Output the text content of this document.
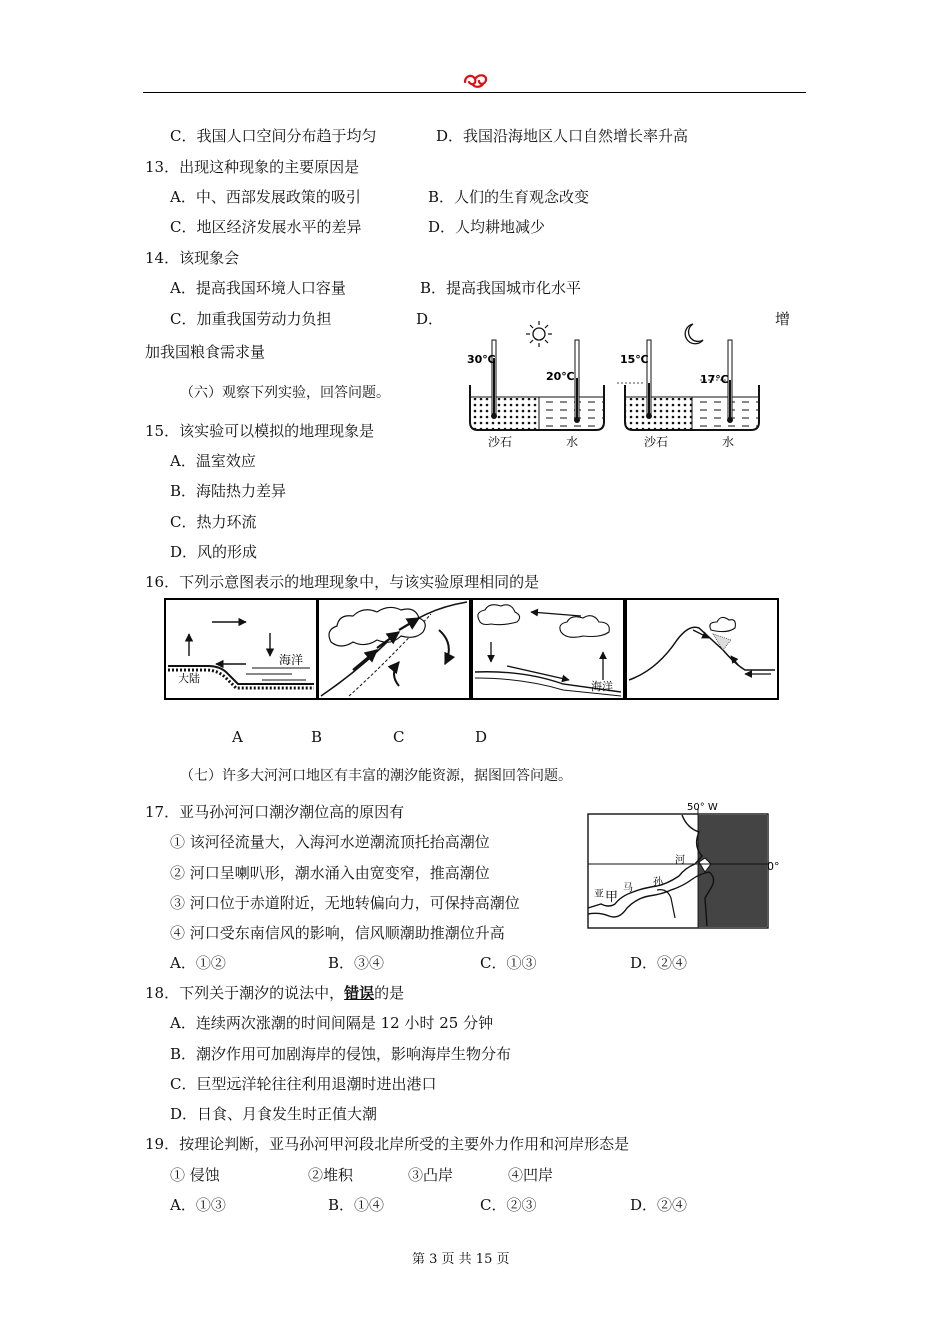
C．我国人口空间分布趋于均匀	D．我国沿海地区人口自然增长率升高
13．出现这种现象的主要原因是
A．中、西部发展政策的吸引	B．人们的生育观念改变
C．地区经济发展水平的差异	D．人均耕地减少
14．该现象会
A．提高我国环境人口容量	B．提高我国城市化水平
C．加重我国劳动力负担	D．	增
加我国粮食需求量
（六）观察下列实验，回答问题。
30℃
20℃
沙石	水
15℃
17℃
沙石	水
15．该实验可以模拟的地理现象是
A．温室效应
B．海陆热力差异
C．热力环流
D．风的形成
16．下列示意图表示的地理现象中，与该实验原理相同的是
海洋
大陆
海洋
A	B	C	D
（七）许多大河河口地区有丰富的潮汐能资源，据图回答问题。
50° W
0°
亚
马
孙
河
甲
17．亚马孙河河口潮汐潮位高的原因有
① 该河径流量大，入海河水逆潮流顶托抬高潮位
② 河口呈喇叭形，潮水涌入由宽变窄，推高潮位
③ 河口位于赤道附近，无地转偏向力，可保持高潮位
④ 河口受东南信风的影响，信风顺潮助推潮位升高
A．①②	B．③④	C．①③	D．②④
18．下列关于潮汐的说法中，错误的是
A．连续两次涨潮的时间间隔是 12 小时 25 分钟
B．潮汐作用可加剧海岸的侵蚀，影响海岸生物分布
C．巨型远洋轮往往利用退潮时进出港口
D．日食、月食发生时正值大潮
19．按理论判断，亚马孙河甲河段北岸所受的主要外力作用和河岸形态是
① 侵蚀	②堆积	③凸岸	④凹岸
A．①③	B．①④	C．②③	D．②④
第 3 页 共 15 页
